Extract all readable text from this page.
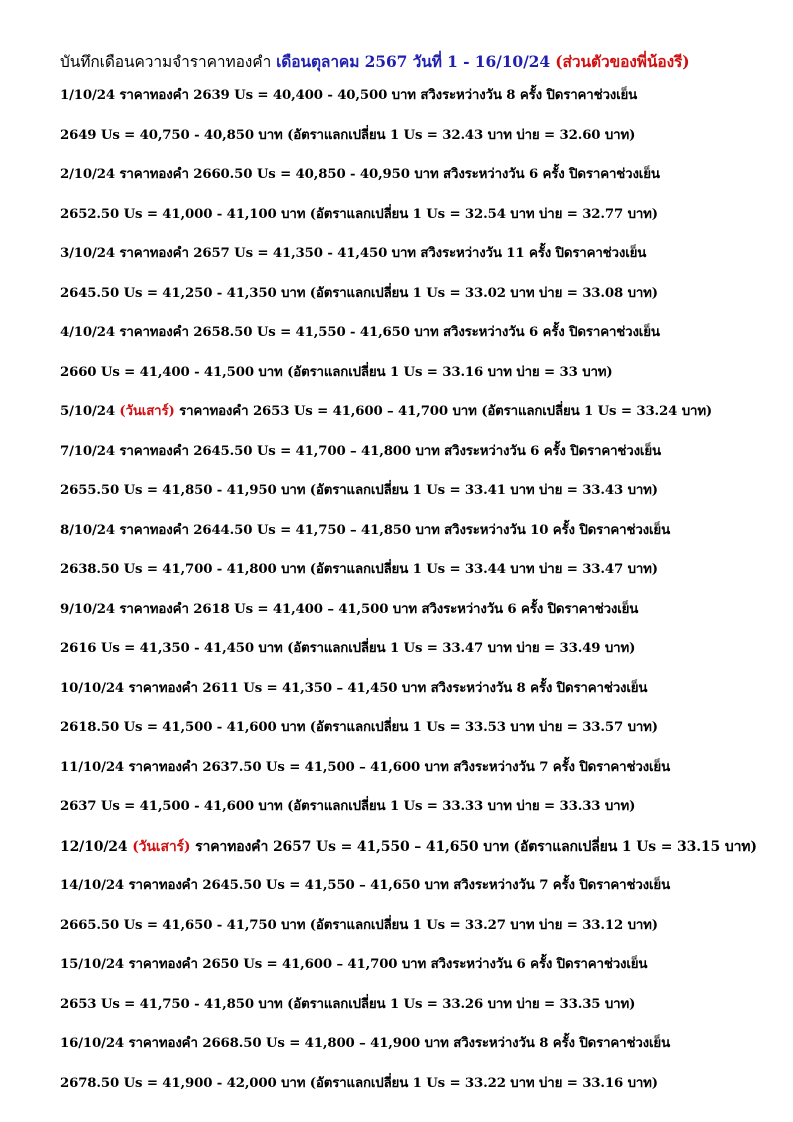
บันทึกเดือนความจำราคาทองคำ เดือนตุลาคม 2567 วันที่ 1 - 16/10/24 (ส่วนตัวของพี่น้องรี)
1/10/24 ราคาทองคำ 2639 Us = 40,400 - 40,500 บาท สวิงระหว่างวัน 8 ครั้ง ปิดราคาช่วงเย็น
2649 Us = 40,750 - 40,850 บาท (อัตราแลกเปลี่ยน 1 Us = 32.43 บาท บ่าย = 32.60 บาท)
2/10/24 ราคาทองคำ 2660.50 Us = 40,850 - 40,950 บาท สวิงระหว่างวัน 6 ครั้ง ปิดราคาช่วงเย็น
2652.50 Us = 41,000 - 41,100 บาท (อัตราแลกเปลี่ยน 1 Us = 32.54 บาท บ่าย = 32.77 บาท)
3/10/24 ราคาทองคำ 2657 Us = 41,350 - 41,450 บาท สวิงระหว่างวัน 11 ครั้ง ปิดราคาช่วงเย็น
2645.50 Us = 41,250 - 41,350 บาท (อัตราแลกเปลี่ยน 1 Us = 33.02 บาท บ่าย = 33.08 บาท)
4/10/24 ราคาทองคำ 2658.50 Us = 41,550 - 41,650 บาท สวิงระหว่างวัน 6 ครั้ง ปิดราคาช่วงเย็น
2660 Us = 41,400 - 41,500 บาท (อัตราแลกเปลี่ยน 1 Us = 33.16 บาท บ่าย = 33 บาท)
5/10/24 (วันเสาร์) ราคาทองคำ 2653 Us = 41,600 – 41,700 บาท (อัตราแลกเปลี่ยน 1 Us = 33.24 บาท)
7/10/24 ราคาทองคำ 2645.50 Us = 41,700 – 41,800 บาท สวิงระหว่างวัน 6 ครั้ง ปิดราคาช่วงเย็น
2655.50 Us = 41,850 - 41,950 บาท (อัตราแลกเปลี่ยน 1 Us = 33.41 บาท บ่าย = 33.43 บาท)
8/10/24 ราคาทองคำ 2644.50 Us = 41,750 – 41,850 บาท สวิงระหว่างวัน 10 ครั้ง ปิดราคาช่วงเย็น
2638.50 Us = 41,700 - 41,800 บาท (อัตราแลกเปลี่ยน 1 Us = 33.44 บาท บ่าย = 33.47 บาท)
9/10/24 ราคาทองคำ 2618 Us = 41,400 – 41,500 บาท สวิงระหว่างวัน 6 ครั้ง ปิดราคาช่วงเย็น
2616 Us = 41,350 - 41,450 บาท (อัตราแลกเปลี่ยน 1 Us = 33.47 บาท บ่าย = 33.49 บาท)
10/10/24 ราคาทองคำ 2611 Us = 41,350 – 41,450 บาท สวิงระหว่างวัน 8 ครั้ง ปิดราคาช่วงเย็น
2618.50 Us = 41,500 - 41,600 บาท (อัตราแลกเปลี่ยน 1 Us = 33.53 บาท บ่าย = 33.57 บาท)
11/10/24 ราคาทองคำ 2637.50 Us = 41,500 – 41,600 บาท สวิงระหว่างวัน 7 ครั้ง ปิดราคาช่วงเย็น
2637 Us = 41,500 - 41,600 บาท (อัตราแลกเปลี่ยน 1 Us = 33.33 บาท บ่าย = 33.33 บาท)
12/10/24 (วันเสาร์) ราคาทองคำ 2657 Us = 41,550 – 41,650 บาท (อัตราแลกเปลี่ยน 1 Us = 33.15 บาท)
14/10/24 ราคาทองคำ 2645.50 Us = 41,550 – 41,650 บาท สวิงระหว่างวัน 7 ครั้ง ปิดราคาช่วงเย็น
2665.50 Us = 41,650 - 41,750 บาท (อัตราแลกเปลี่ยน 1 Us = 33.27 บาท บ่าย = 33.12 บาท)
15/10/24 ราคาทองคำ 2650 Us = 41,600 – 41,700 บาท สวิงระหว่างวัน 6 ครั้ง ปิดราคาช่วงเย็น
2653 Us = 41,750 - 41,850 บาท (อัตราแลกเปลี่ยน 1 Us = 33.26 บาท บ่าย = 33.35 บาท)
16/10/24 ราคาทองคำ 2668.50 Us = 41,800 – 41,900 บาท สวิงระหว่างวัน 8 ครั้ง ปิดราคาช่วงเย็น
2678.50 Us = 41,900 - 42,000 บาท (อัตราแลกเปลี่ยน 1 Us = 33.22 บาท บ่าย = 33.16 บาท)
